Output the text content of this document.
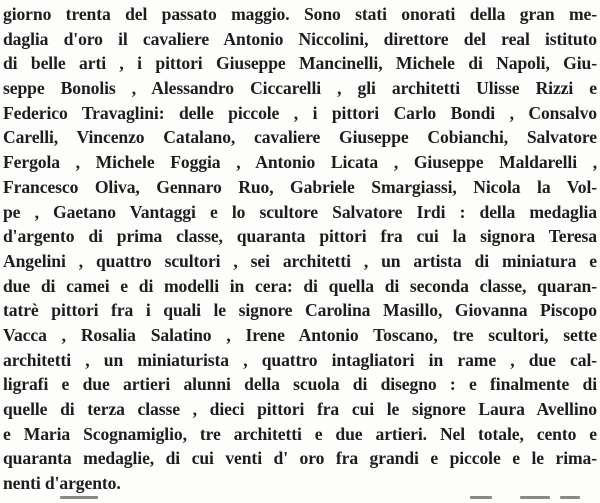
giorno trenta del passato maggio. Sono stati onorati della gran me-
daglia d'oro il cavaliere Antonio Niccolini, direttore del real istituto
di belle arti , i pittori Giuseppe Mancinelli, Michele di Napoli, Giu-
seppe Bonolis , Alessandro Ciccarelli , gli architetti Ulisse Rizzi e
Federico Travaglini: delle piccole , i pittori Carlo Bondi , Consalvo
Carelli, Vincenzo Catalano, cavaliere Giuseppe Cobianchi, Salvatore
Fergola , Michele Foggia , Antonio Licata , Giuseppe Maldarelli ,
Francesco Oliva, Gennaro Ruo, Gabriele Smargiassi, Nicola la Vol-
pe , Gaetano Vantaggi e lo scultore Salvatore Irdi : della medaglia
d'argento di prima classe, quaranta pittori fra cui la signora Teresa
Angelini , quattro scultori , sei architetti , un artista di miniatura e
due di camei e di modelli in cera: di quella di seconda classe, quaran-
tatrè pittori fra i quali le signore Carolina Masillo, Giovanna Piscopo
Vacca , Rosalia Salatino , Irene Antonio Toscano, tre scultori, sette
architetti , un miniaturista , quattro intagliatori in rame , due cal-
ligrafi e due artieri alunni della scuola di disegno : e finalmente di
quelle di terza classe , dieci pittori fra cui le signore Laura Avellino
e Maria Scognamiglio, tre architetti e due artieri. Nel totale, cento e
quaranta medaglie, di cui venti d' oro fra grandi e piccole e le rima-
nenti d'argento.
